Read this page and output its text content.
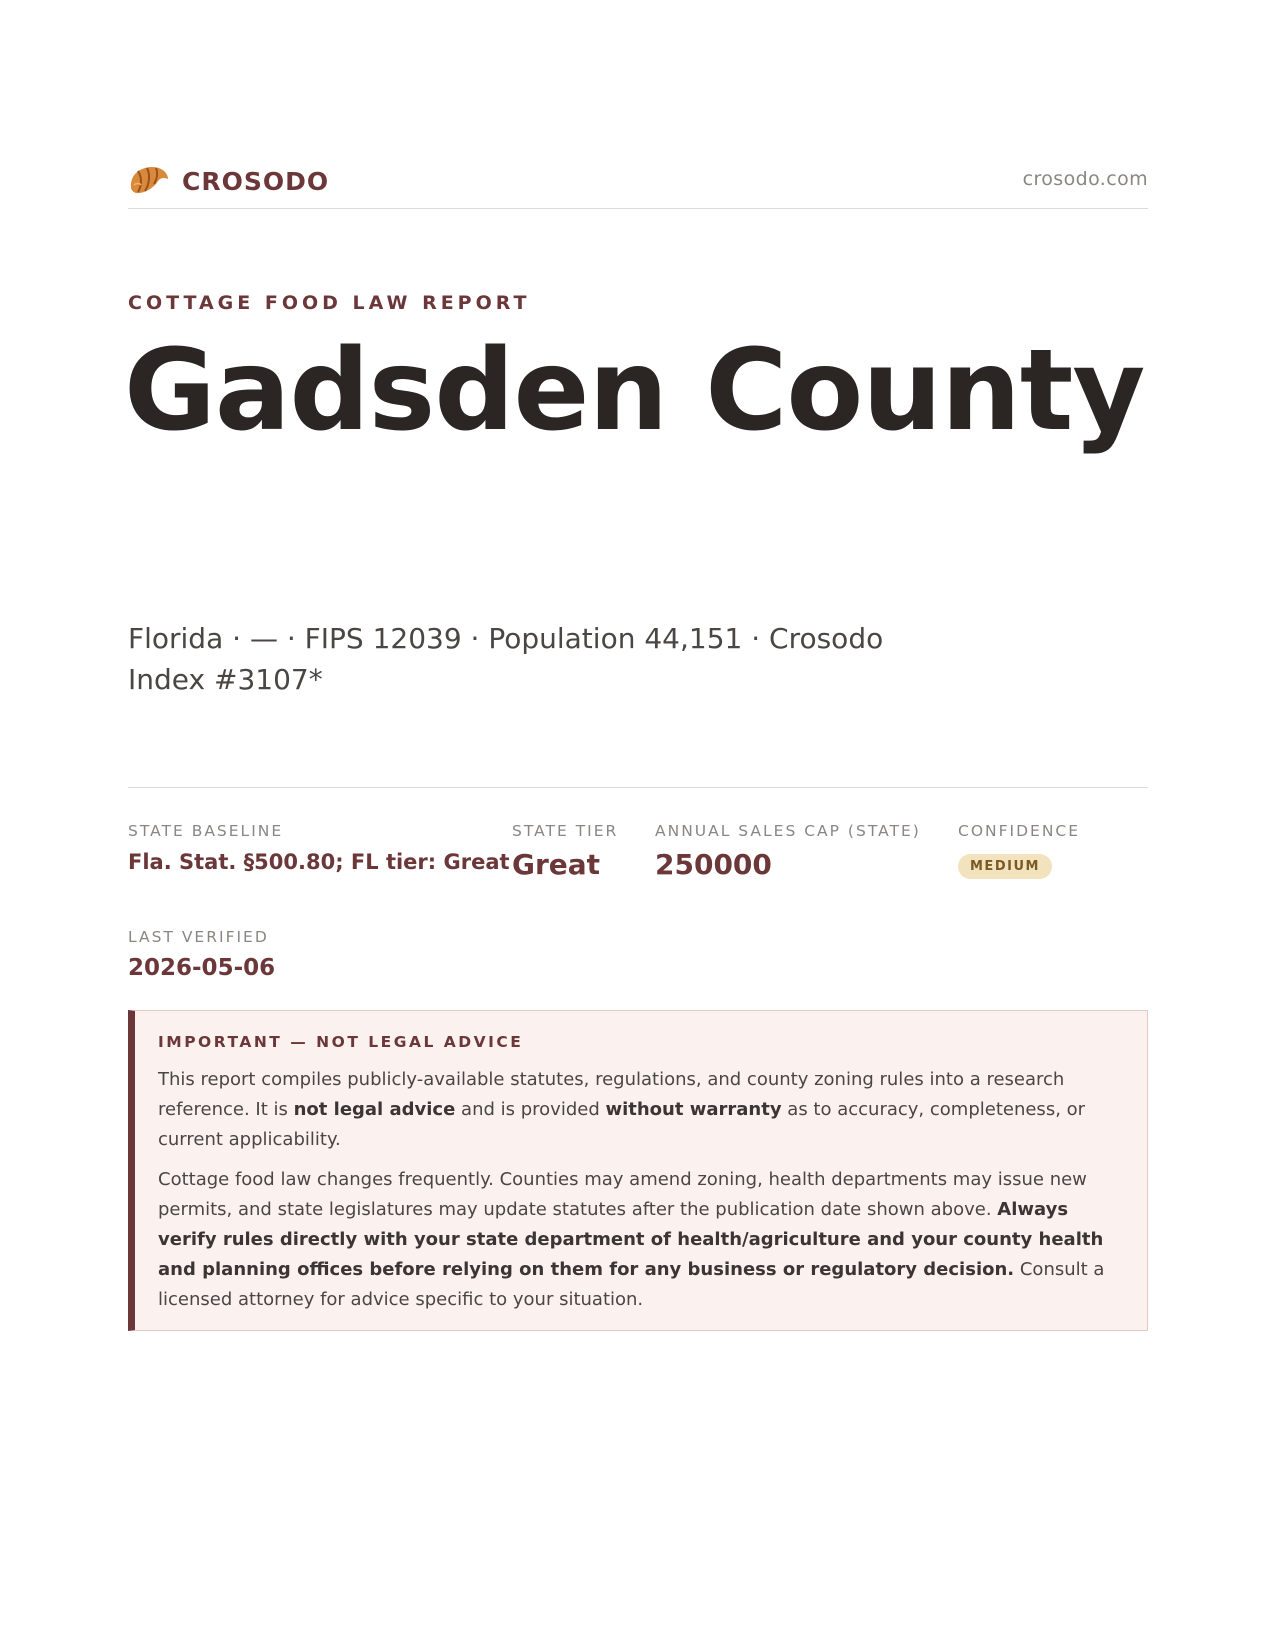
CROSODO	crosodo.com
COTTAGE FOOD LAW REPORT
Gadsden County
Florida · — · FIPS 12039 · Population 44,151 · Crosodo Index #3107*
STATE BASELINE
Fla. Stat. §500.80; FL tier: Great
STATE TIER
Great
ANNUAL SALES CAP (STATE)
250000
CONFIDENCE
MEDIUM
LAST VERIFIED
2026-05-06
IMPORTANT — NOT LEGAL ADVICE

This report compiles publicly-available statutes, regulations, and county zoning rules into a research reference. It is not legal advice and is provided without warranty as to accuracy, completeness, or current applicability.

Cottage food law changes frequently. Counties may amend zoning, health departments may issue new permits, and state legislatures may update statutes after the publication date shown above. Always verify rules directly with your state department of health/agriculture and your county health and planning offices before relying on them for any business or regulatory decision. Consult a licensed attorney for advice specific to your situation.
